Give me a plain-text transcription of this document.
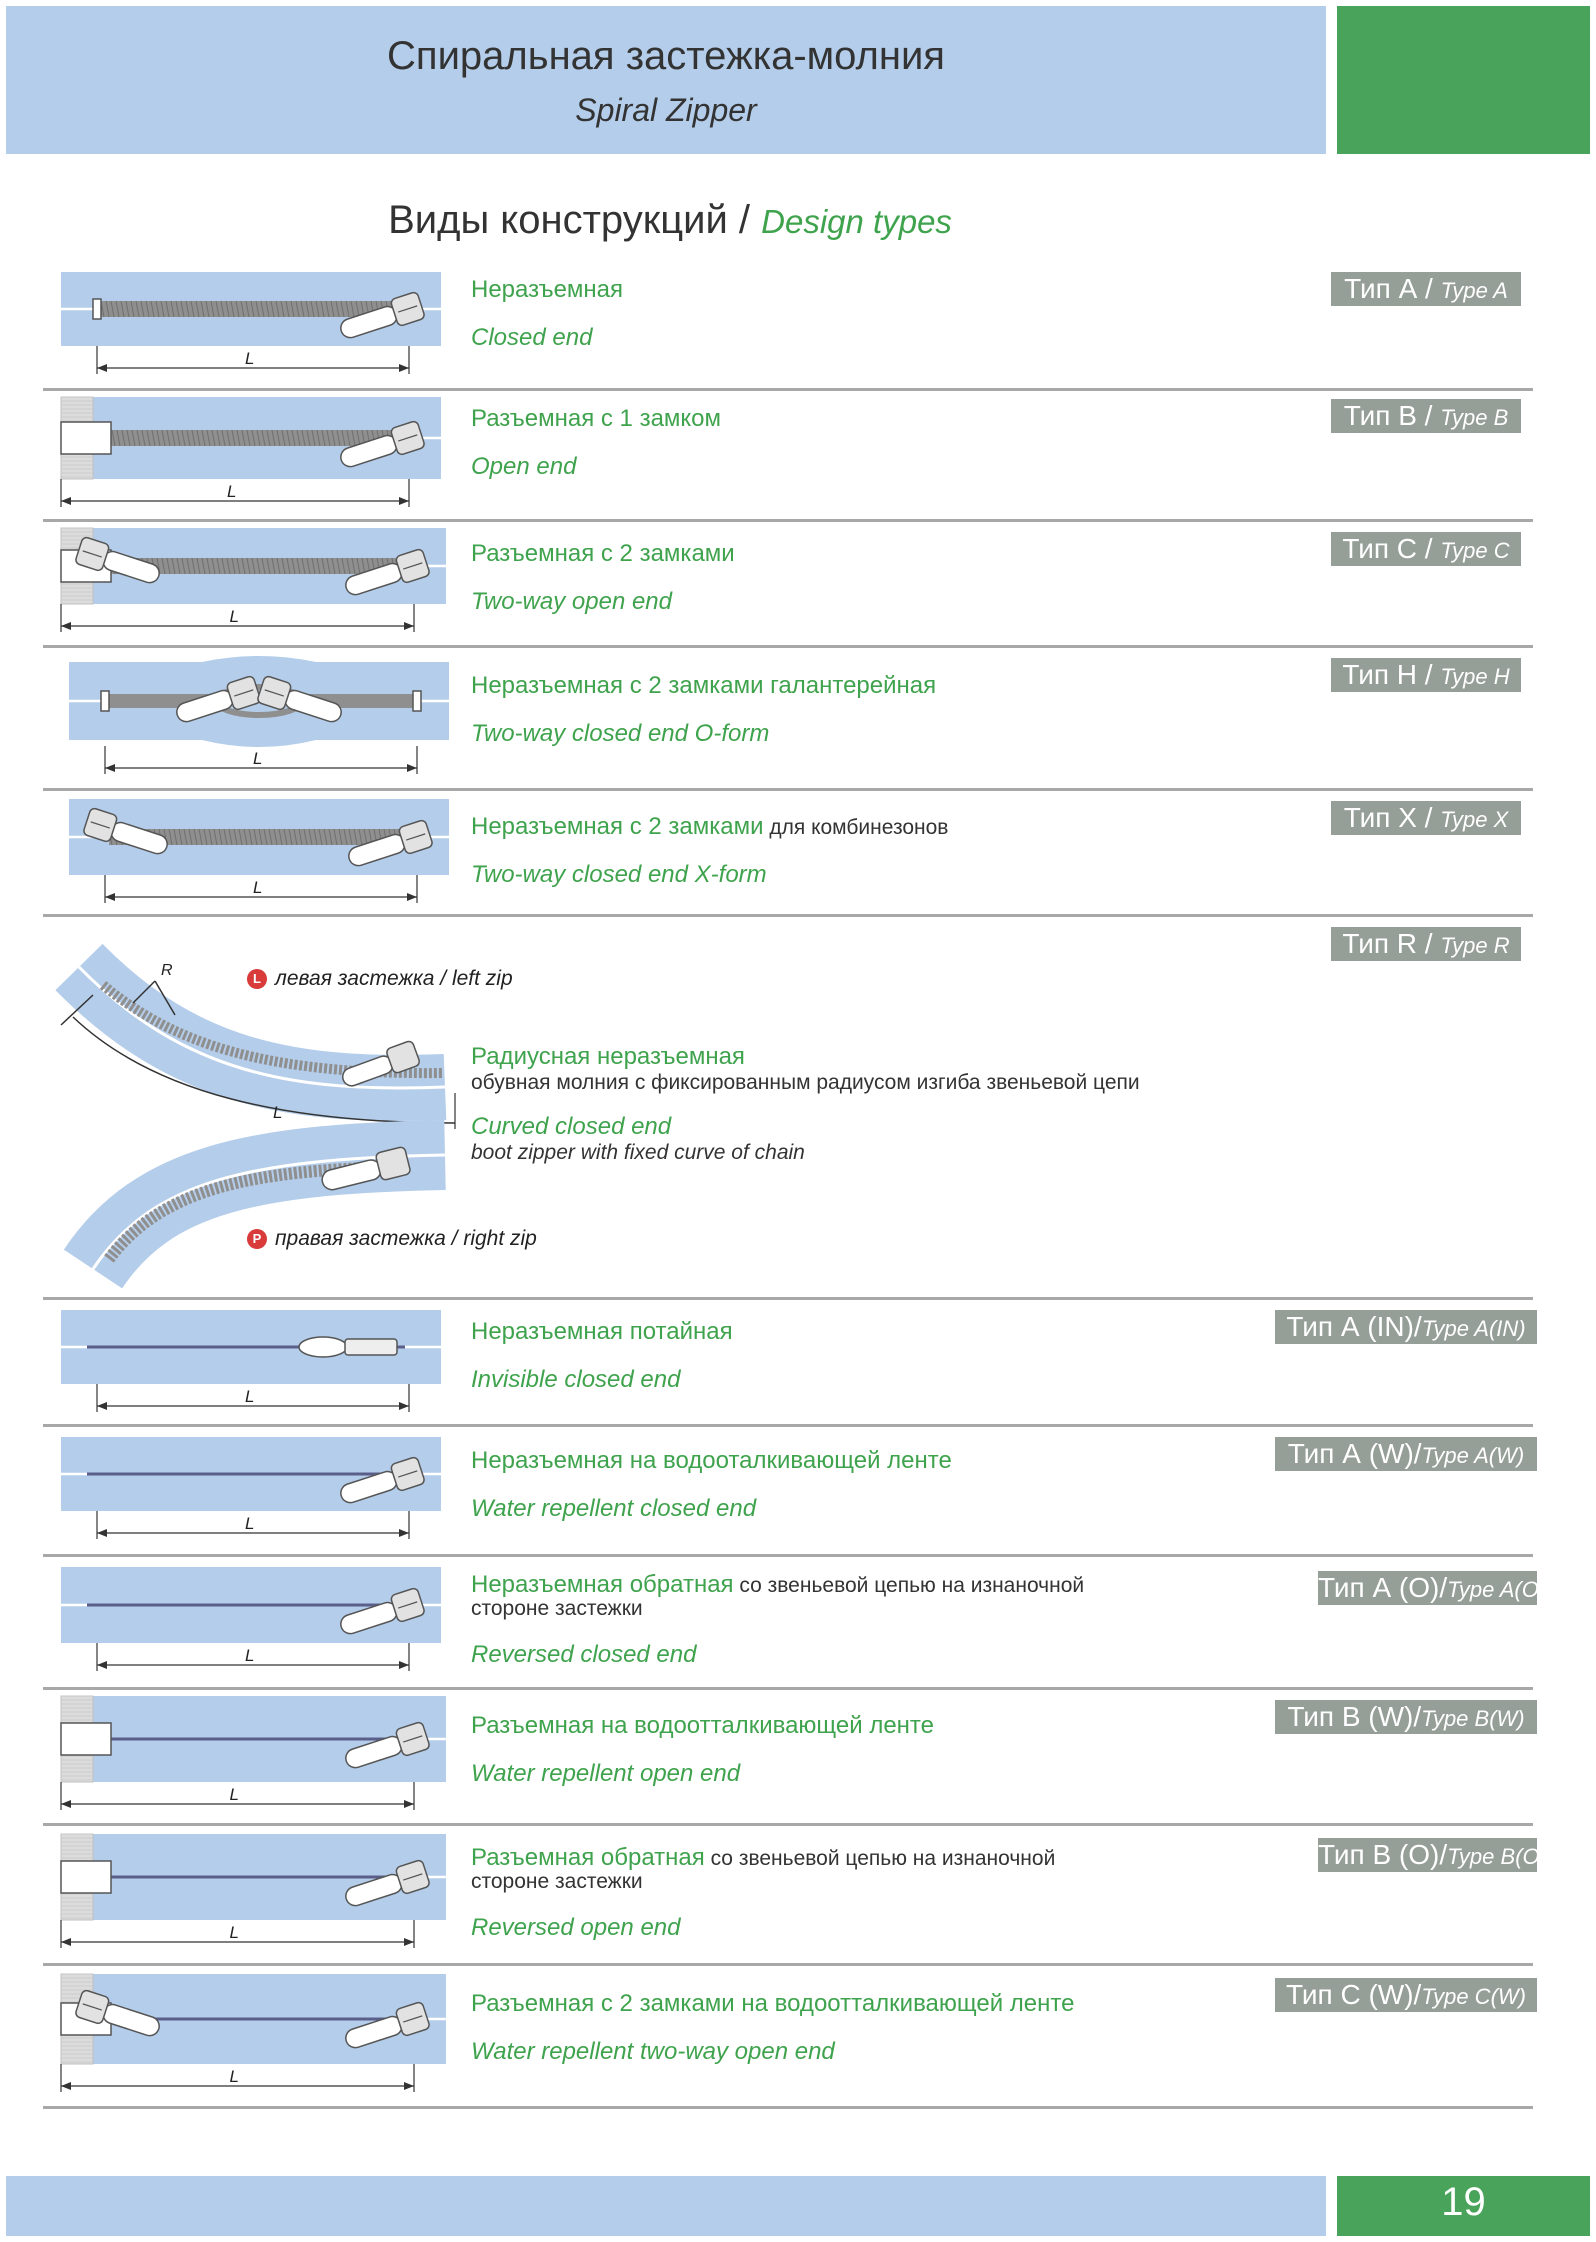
Спиральная застежка-молния
Spiral Zipper
Виды конструкций / Design types
L
Неразъемная
Closed end
Тип А / Type A
L
Разъемная с 1 замком
Open end
Тип В / Type B
L
Разъемная с 2 замками
Two-way open end
Тип С / Type C
L
Неразъемная с 2 замками галантерейная
Two-way closed end O-form
Тип Н / Type H
L
Неразъемная с 2 замками для комбинезонов
Two-way closed end X-form
Тип Х / Type X
R
L
L левая застежка / left zip
Р правая застежка / right zip
Радиусная неразъемная
обувная молния с фиксированным радиусом изгиба звеньевой цепи
Curved closed end
boot zipper with fixed curve of chain
Тип R / Type R
L
Неразъемная потайная
Invisible closed end
Тип А (IN)/Type A(IN)
L
Неразъемная на водооталкивающей ленте
Water repellent closed end
Тип А (W)/Type A(W)
L
Неразъемная обратная со звеньевой цепью на изнаночной
стороне застежки
Reversed closed end
Тип А (О)/Type A(O)
L
Разъемная на водоотталкивающей ленте
Water repellent open end
Тип В (W)/Type B(W)
L
Разъемная обратная со звеньевой цепью на изнаночной
стороне застежки
Reversed open end
Тип В (О)/Type B(O)
L
Разъемная с 2 замками на водоотталкивающей ленте
Water repellent two-way open end
Тип С (W)/Type C(W)
19
